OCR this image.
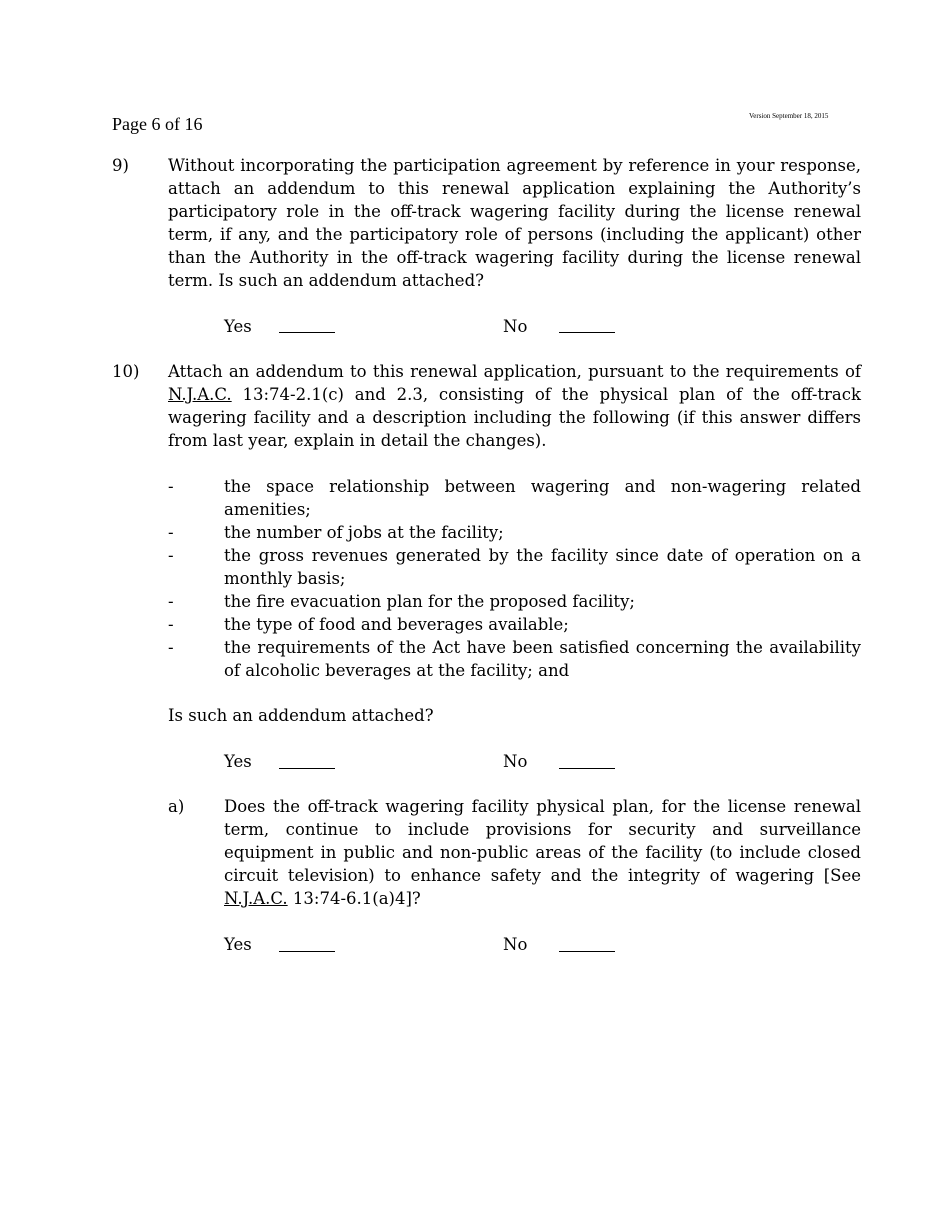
Page 6 of 16	Version September 18, 2015
9) Without incorporating the participation agreement by reference in your response, attach an addendum to this renewal application explaining the Authority’s participatory role in the off-track wagering facility during the license renewal term, if any, and the participatory role of persons (including the applicant) other than the Authority in the off-track wagering facility during the license renewal term. Is such an addendum attached?
Yes	No
10) Attach an addendum to this renewal application, pursuant to the requirements of N.J.A.C. 13:74-2.1(c) and 2.3, consisting of the physical plan of the off-track wagering facility and a description including the following (if this answer differs from last year, explain in detail the changes).
-	the space relationship between wagering and non-wagering related amenities;
-	the number of jobs at the facility;
-	the gross revenues generated by the facility since date of operation on a monthly basis;
-	the fire evacuation plan for the proposed facility;
-	the type of food and beverages available;
-	the requirements of the Act have been satisfied concerning the availability of alcoholic beverages at the facility; and
Is such an addendum attached?
Yes	No
a) Does the off-track wagering facility physical plan, for the license renewal term, continue to include provisions for security and surveillance equipment in public and non-public areas of the facility (to include closed circuit television) to enhance safety and the integrity of wagering [See N.J.A.C. 13:74-6.1(a)4]?
Yes	No
